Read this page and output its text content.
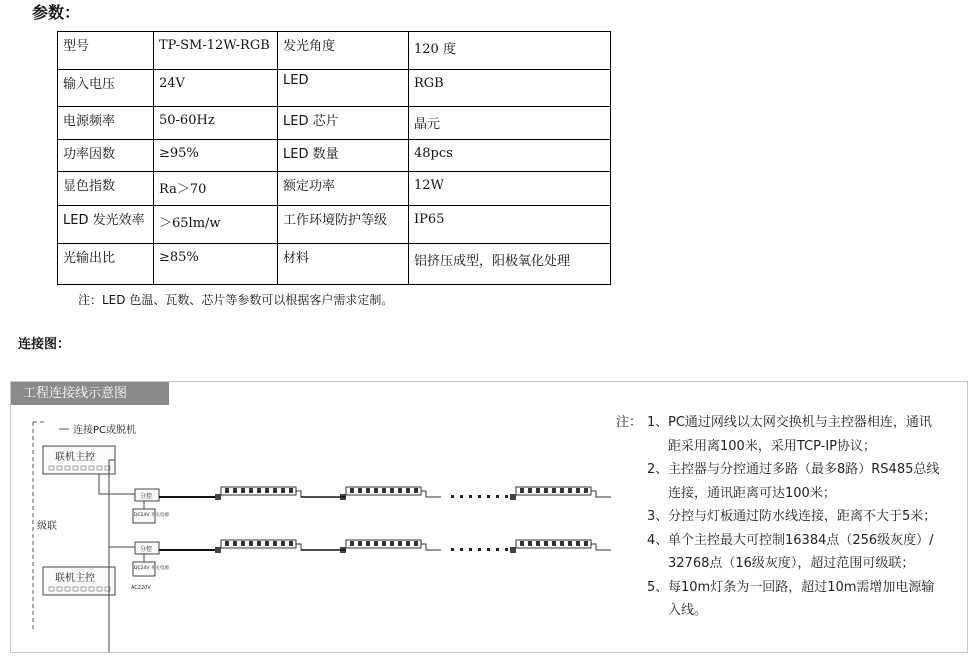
参数：
型号	TP-SM-12W-RGB	发光角度	120 度
输入电压	24V	LED	RGB
电源频率	50-60Hz	LED 芯片	晶元
功率因数	≥95%	LED 数量	48pcs
显色指数	Ra＞70	额定功率	12W
LED 发光效率	＞65lm/w	工作环境防护等级	IP65
光输出比	≥85%	材料	铝挤压成型，阳极氧化处理
注：LED 色温、瓦数、芯片等参数可以根据客户需求定制。
连接图：
连接PC或脱机
级联
联机主控
联机主控
分控
DC24V 开关电源
分控
DC24V 开关电源
AC220V
工程连接线示意图
注： 1、 PC通过网线以太网交换机与主控器相连，通讯
距采用离100米，采用TCP-IP协议；
2、 主控器与分控通过多路（最多8路）RS485总线
连接，通讯距离可达100米；
3、 分控与灯板通过防水线连接，距离不大于5米；
4、 单个主控最大可控制16384点（256级灰度）/
32768点（16级灰度），超过范围可级联；
5、 每10m灯条为一回路，超过10m需增加电源输
入线。
